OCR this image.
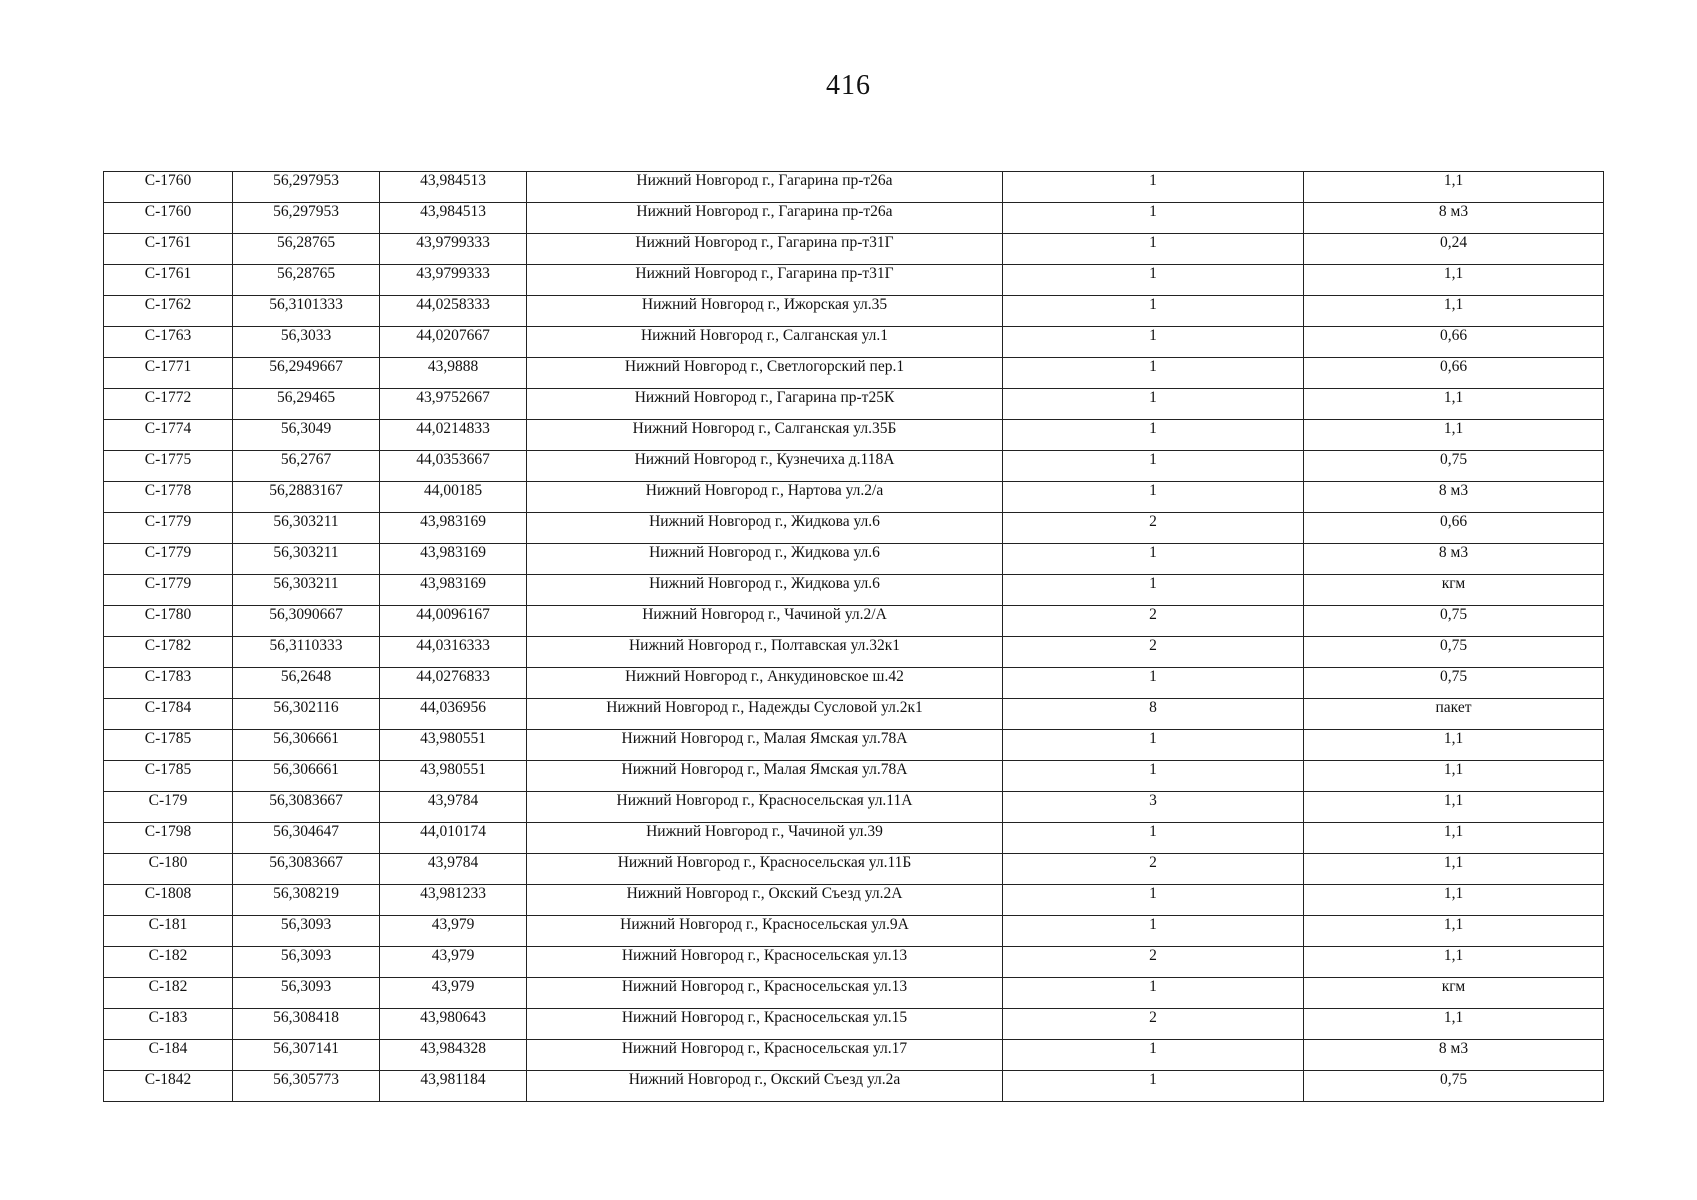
416
С-1760	56,297953	43,984513	Нижний Новгород г., Гагарина пр-т26а	1	1,1
С-1760	56,297953	43,984513	Нижний Новгород г., Гагарина пр-т26а	1	8 м3
С-1761	56,28765	43,9799333	Нижний Новгород г., Гагарина пр-т31Г	1	0,24
С-1761	56,28765	43,9799333	Нижний Новгород г., Гагарина пр-т31Г	1	1,1
С-1762	56,3101333	44,0258333	Нижний Новгород г., Ижорская ул.35	1	1,1
С-1763	56,3033	44,0207667	Нижний Новгород г., Салганская ул.1	1	0,66
С-1771	56,2949667	43,9888	Нижний Новгород г., Светлогорский пер.1	1	0,66
С-1772	56,29465	43,9752667	Нижний Новгород г., Гагарина пр-т25К	1	1,1
С-1774	56,3049	44,0214833	Нижний Новгород г., Салганская ул.35Б	1	1,1
С-1775	56,2767	44,0353667	Нижний Новгород г., Кузнечиха д.118А	1	0,75
С-1778	56,2883167	44,00185	Нижний Новгород г., Нартова ул.2/а	1	8 м3
С-1779	56,303211	43,983169	Нижний Новгород г., Жидкова ул.6	2	0,66
С-1779	56,303211	43,983169	Нижний Новгород г., Жидкова ул.6	1	8 м3
С-1779	56,303211	43,983169	Нижний Новгород г., Жидкова ул.6	1	кгм
С-1780	56,3090667	44,0096167	Нижний Новгород г., Чачиной ул.2/А	2	0,75
С-1782	56,3110333	44,0316333	Нижний Новгород г., Полтавская ул.32к1	2	0,75
С-1783	56,2648	44,0276833	Нижний Новгород г., Анкудиновское ш.42	1	0,75
С-1784	56,302116	44,036956	Нижний Новгород г., Надежды Сусловой ул.2к1	8	пакет
С-1785	56,306661	43,980551	Нижний Новгород г., Малая Ямская ул.78А	1	1,1
С-1785	56,306661	43,980551	Нижний Новгород г., Малая Ямская ул.78А	1	1,1
С-179	56,3083667	43,9784	Нижний Новгород г., Красносельская ул.11А	3	1,1
С-1798	56,304647	44,010174	Нижний Новгород г., Чачиной ул.39	1	1,1
С-180	56,3083667	43,9784	Нижний Новгород г., Красносельская ул.11Б	2	1,1
С-1808	56,308219	43,981233	Нижний Новгород г., Окский Съезд ул.2А	1	1,1
С-181	56,3093	43,979	Нижний Новгород г., Красносельская ул.9А	1	1,1
С-182	56,3093	43,979	Нижний Новгород г., Красносельская ул.13	2	1,1
С-182	56,3093	43,979	Нижний Новгород г., Красносельская ул.13	1	кгм
С-183	56,308418	43,980643	Нижний Новгород г., Красносельская ул.15	2	1,1
С-184	56,307141	43,984328	Нижний Новгород г., Красносельская ул.17	1	8 м3
С-1842	56,305773	43,981184	Нижний Новгород г., Окский Съезд ул.2а	1	0,75
